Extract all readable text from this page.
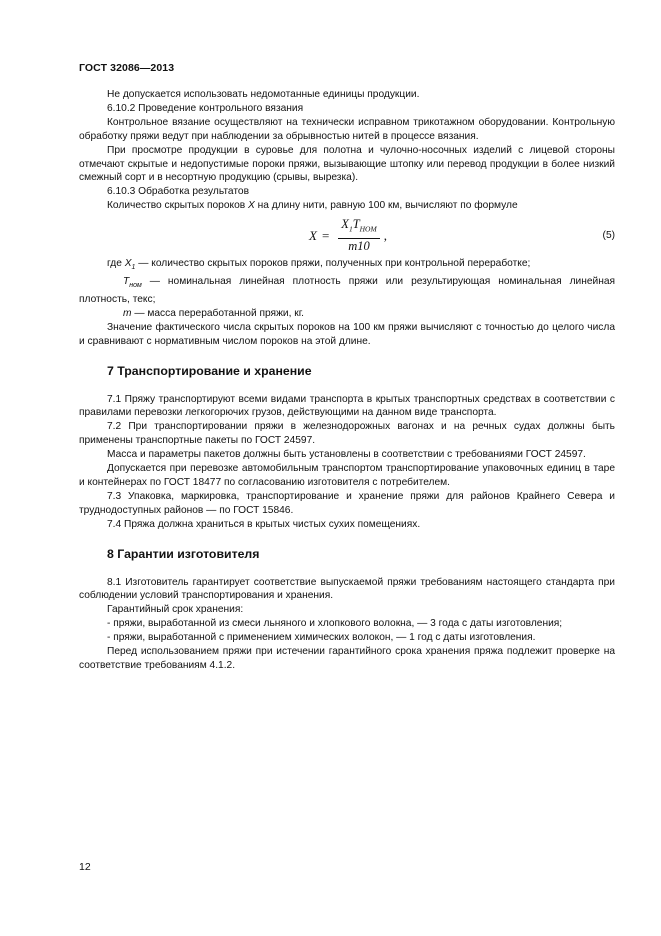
ГОСТ 32086—2013

Не допускается использовать недомотанные единицы продукции.

6.10.2 Проведение контрольного вязания

Контрольное вязание осуществляют на технически исправном трикотажном оборудовании. Контрольную обработку пряжи ведут при наблюдении за обрывностью нитей в процессе вязания.

При просмотре продукции в суровье для полотна и чулочно-носочных изделий с лицевой стороны отмечают скрытые и недопустимые пороки пряжи, вызывающие штопку или перевод продукции в более низкий смежный сорт и в несортную продукцию (срывы, вырезка).

6.10.3 Обработка результатов

Количество скрытых пороков Х на длину нити, равную 100 км, вычисляют по формуле

$X = \frac{X_1T_{НОМ}}{m10}$ ,	(5)

где $Х_1$ — количество скрытых пороков пряжи, полученных при контрольной переработке;

$Т_{ном}$ — номинальная линейная плотность пряжи или результирующая номинальная линейная плотность, текс;

m — масса переработанной пряжи, кг.

Значение фактического числа скрытых пороков на 100 км пряжи вычисляют с точностью до целого числа и сравнивают с нормативным числом пороков на этой длине.

7 Транспортирование и хранение

7.1 Пряжу транспортируют всеми видами транспорта в крытых транспортных средствах в соответствии с правилами перевозки легкогорючих грузов, действующими на данном виде транспорта.

7.2 При транспортировании пряжи в железнодорожных вагонах и на речных судах должны быть применены транспортные пакеты по ГОСТ 24597.

Масса и параметры пакетов должны быть установлены в соответствии с требованиями ГОСТ 24597.

Допускается при перевозке автомобильным транспортом транспортирование упаковочных единиц в таре и контейнерах по ГОСТ 18477 по согласованию изготовителя с потребителем.

7.3 Упаковка, маркировка, транспортирование и хранение пряжи для районов Крайнего Севера и труднодоступных районов — по ГОСТ 15846.

7.4 Пряжа должна храниться в крытых чистых сухих помещениях.

8 Гарантии изготовителя

8.1 Изготовитель гарантирует соответствие выпускаемой пряжи требованиям настоящего стандарта при соблюдении условий транспортирования и хранения.

Гарантийный срок хранения:

- пряжи, выработанной из смеси льняного и хлопкового волокна, — 3 года с даты изготовления;

- пряжи, выработанной с применением химических волокон, — 1 год с даты изготовления.

Перед использованием пряжи при истечении гарантийного срока хранения пряжа подлежит проверке на соответствие требованиям 4.1.2.

12
